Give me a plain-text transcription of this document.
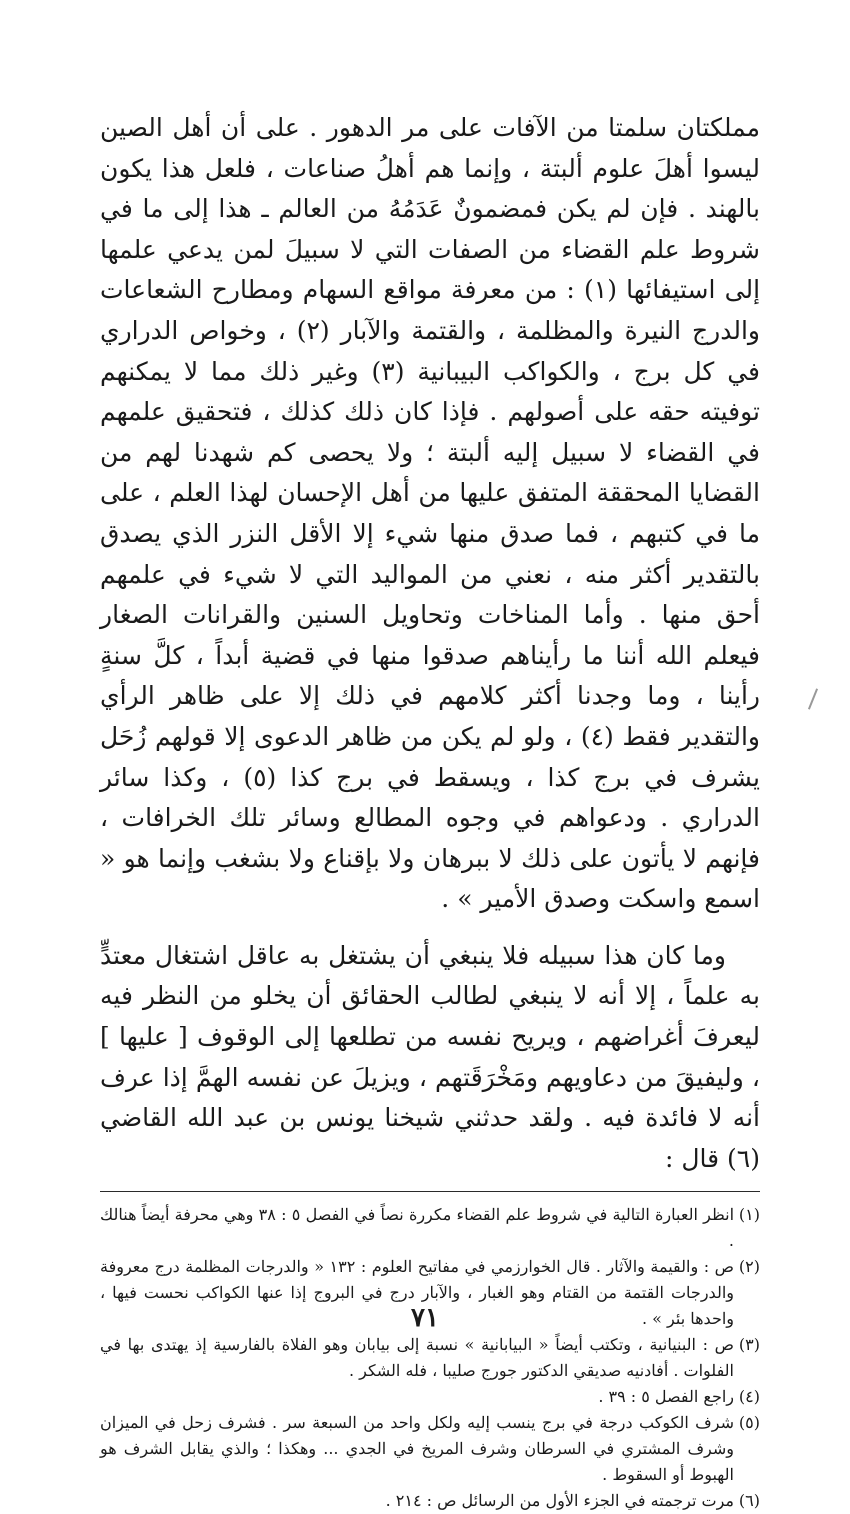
مملكتان سلمتا من الآفات على مر الدهور . على أن أهل الصين ليسوا أهلَ علوم ألبتة ، وإنما هم أهلُ صناعات ، فلعل هذا يكون بالهند . فإن لم يكن فمضمونٌ عَدَمُهُ من العالم ـ هذا إلى ما في شروط علم القضاء من الصفات التي لا سبيلَ لمن يدعي علمها إلى استيفائها (١) : من معرفة مواقع السهام ومطارح الشعاعات والدرج النيرة والمظلمة ، والقتمة والآبار (٢) ، وخواص الدراري في كل برج ، والكواكب البيبانية (٣) وغير ذلك مما لا يمكنهم توفيته حقه على أصولهم . فإذا كان ذلك كذلك ، فتحقيق علمهم في القضاء لا سبيل إليه ألبتة ؛ ولا يحصى كم شهدنا لهم من القضايا المحققة المتفق عليها من أهل الإحسان لهذا العلم ، على ما في كتبهم ، فما صدق منها شيء إلا الأقل النزر الذي يصدق بالتقدير أكثر منه ، نعني من المواليد التي لا شيء في علمهم أحق منها . وأما المناخات وتحاويل السنين والقرانات الصغار فيعلم الله أننا ما رأيناهم صدقوا منها في قضية أبداً ، كلَّ سنةٍ رأينا ، وما وجدنا أكثر كلامهم في ذلك إلا على ظاهر الرأي والتقدير فقط (٤) ، ولو لم يكن من ظاهر الدعوى إلا قولهم زُحَل يشرف في برج كذا ، ويسقط في برج كذا (٥) ، وكذا سائر الدراري . ودعواهم في وجوه المطالع وسائر تلك الخرافات ، فإنهم لا يأتون على ذلك لا ببرهان ولا بإقناع ولا بشغب وإنما هو « اسمع واسكت وصدق الأمير » .

وما كان هذا سبيله فلا ينبغي أن يشتغل به عاقل اشتغال معتدٍّ به علماً ، إلا أنه لا ينبغي لطالب الحقائق أن يخلو من النظر فيه ليعرفَ أغراضهم ، ويريح نفسه من تطلعها إلى الوقوف [ عليها ] ، وليفيقَ من دعاويهم ومَخْرَقَتهم ، ويزيلَ عن نفسه الهمَّ إذا عرف أنه لا فائدة فيه . ولقد حدثني شيخنا يونس بن عبد الله القاضي (٦) قال :

(١)
انظر العبارة التالية في شروط علم القضاء مكررة نصاً في الفصل ٥ : ٣٨ وهي محرفة أيضاً هنالك .
(٢)
ص : والقيمة والآثار . قال الخوارزمي في مفاتيح العلوم : ١٣٢ « والدرجات المظلمة درج معروفة والدرجات القتمة من القتام وهو الغبار ، والآبار درج في البروج إذا عنها الكواكب نحست فيها ، واحدها بئر » .
(٣)
ص : البنيانية ، وتكتب أيضاً « البيابانية » نسبة إلى بيابان وهو الفلاة بالفارسية إذ يهتدى بها في الفلوات . أفادنيه صديقي الدكتور جورج صليبا ، فله الشكر .
(٤)
راجع الفصل ٥ : ٣٩ .
(٥)
شرف الكوكب درجة في برج ينسب إليه ولكل واحد من السبعة سر . فشرف زحل في الميزان وشرف المشتري في السرطان وشرف المريخ في الجدي ... وهكذا ؛ والذي يقابل الشرف هو الهبوط أو السقوط .
(٦)
مرت ترجمته في الجزء الأول من الرسائل ص : ٢١٤ .
٧١
